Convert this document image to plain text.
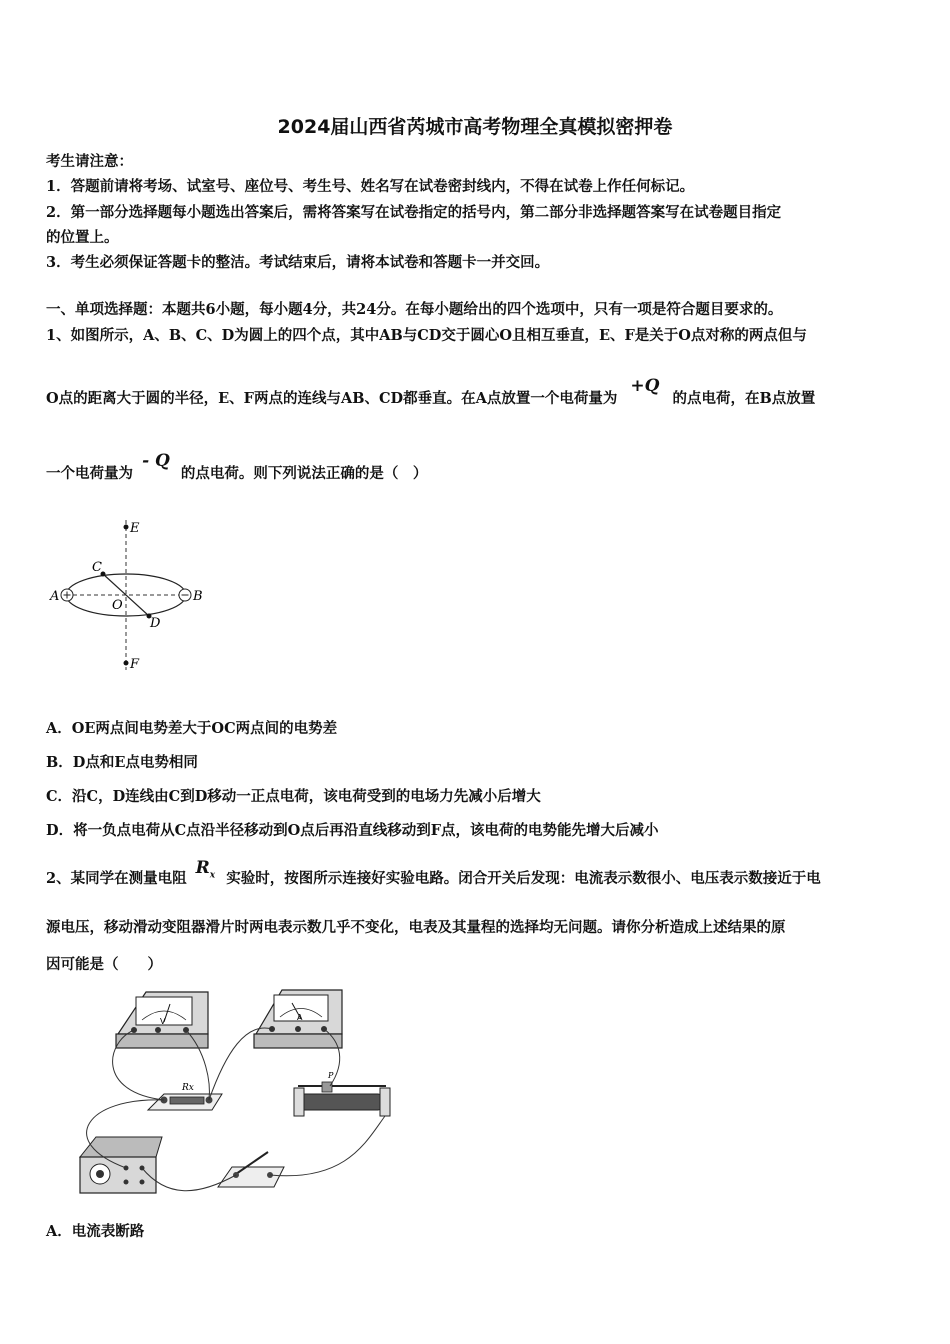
2024届山西省芮城市高考物理全真模拟密押卷
考生请注意：
1．答题前请将考场、试室号、座位号、考生号、姓名写在试卷密封线内，不得在试卷上作任何标记。
2．第一部分选择题每小题选出答案后，需将答案写在试卷指定的括号内，第二部分非选择题答案写在试卷题目指定
的位置上。
3．考生必须保证答题卡的整洁。考试结束后，请将本试卷和答题卡一并交回。
一、单项选择题：本题共6小题，每小题4分，共24分。在每小题给出的四个选项中，只有一项是符合题目要求的。
1、如图所示，A、B、C、D为圆上的四个点，其中AB与CD交于圆心O且相互垂直，E、F是关于O点对称的两点但与
O点的距离大于圆的半径，E、F两点的连线与AB、CD都垂直。在A点放置一个电荷量为 +Q 的点电荷，在B点放置
一个电荷量为 - Q 的点电荷。则下列说法正确的是（　）
E
F
A	B
C
D
O
A．OE两点间电势差大于OC两点间的电势差
B．D点和E点电势相同
C．沿C，D连线由C到D移动一正点电荷，该电荷受到的电场力先减小后增大
D．将一负点电荷从C点沿半径移动到O点后再沿直线移动到F点，该电荷的电势能先增大后减小
2、某同学在测量电阻 $R_x$ 实验时，按图所示连接好实验电路。闭合开关后发现：电流表示数很小、电压表示数接近于电
源电压，移动滑动变阻器滑片时两电表示数几乎不变化，电表及其量程的选择均无问题。请你分析造成上述结果的原
因可能是（　　）
V	A
Rx
P
A．电流表断路
